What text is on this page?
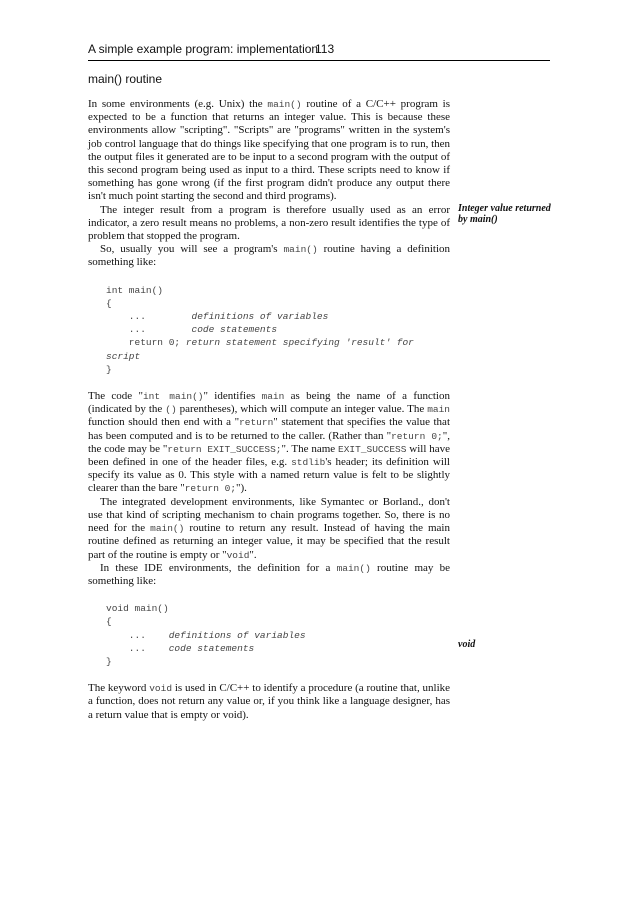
A simple example program: implementation
113
main() routine

In some environments (e.g. Unix) the main() routine of a C/C++ program is expected to be a function that returns an integer value. This is because these environments allow "scripting". "Scripts" are "programs" written in the system's job control language that do things like specifying that one program is to run, then the output files it generated are to be input to a second program with the output of this second program being used as input to a third. These scripts need to know if something has gone wrong (if the first program didn't produce any output there isn't much point starting the second and third programs).

The integer result from a program is therefore usually used as an error indicator, a zero result means no problems, a non-zero result identifies the type of problem that stopped the program.

So, usually you will see a program's main() routine having a definition something like:

int main()
{
...        definitions of variables
...        code statements
return 0; return statement specifying 'result' for
script
}

The code "int main()" identifies main as being the name of a function (indicated by the () parentheses), which will compute an integer value. The main function should then end with a "return" statement that specifies the value that has been computed and is to be returned to the caller. (Rather than "return 0;", the code may be "return EXIT_SUCCESS;". The name EXIT_SUCCESS will have been defined in one of the header files, e.g. stdlib's header; its definition will specify its value as 0. This style with a named return value is felt to be slightly clearer than the bare "return 0;").

The integrated development environments, like Symantec or Borland., don't use that kind of scripting mechanism to chain programs together. So, there is no need for the main() routine to return any result. Instead of having the main routine defined as returning an integer value, it may be specified that the result part of the routine is empty or "void".

In these IDE environments, the definition for a main() routine may be something like:

void main()
{
...    definitions of variables
...    code statements
}

The keyword void is used in C/C++ to identify a procedure (a routine that, unlike a function, does not return any value or, if you think like a language designer, has a return value that is empty or void).

Integer value returned by main()
void
